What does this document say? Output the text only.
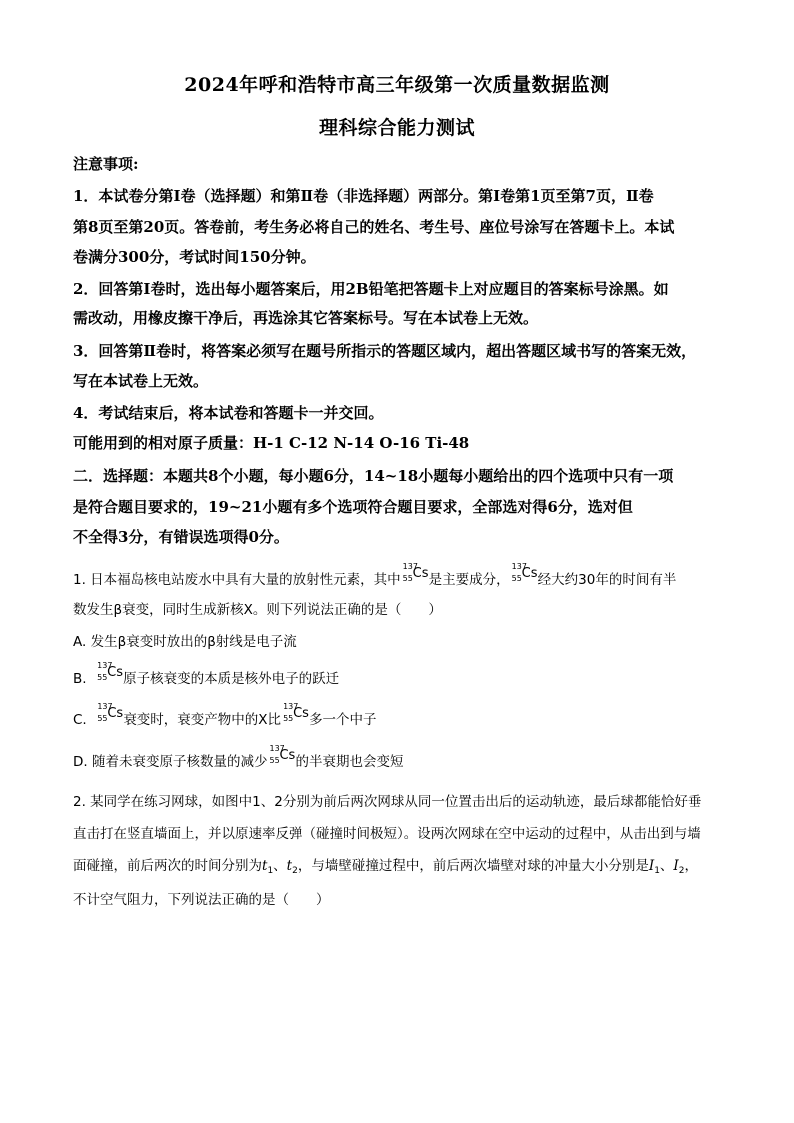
2024年呼和浩特市高三年级第一次质量数据监测
理科综合能力测试
注意事项:
1．本试卷分第Ⅰ卷（选择题）和第Ⅱ卷（非选择题）两部分。第Ⅰ卷第1页至第7页，Ⅱ卷
第8页至第20页。答卷前，考生务必将自己的姓名、考生号、座位号涂写在答题卡上。本试
卷满分300分，考试时间150分钟。
2．回答第Ⅰ卷时，选出每小题答案后，用2B铅笔把答题卡上对应题目的答案标号涂黑。如
需改动，用橡皮擦干净后，再选涂其它答案标号。写在本试卷上无效。
3．回答第Ⅱ卷时，将答案必须写在题号所指示的答题区域内，超出答题区域书写的答案无效，
写在本试卷上无效。
4．考试结束后，将本试卷和答题卡一并交回。
可能用到的相对原子质量：H-1 C-12 N-14 O-16 Ti-48
二．选择题：本题共8个小题，每小题6分，14~18小题每小题给出的四个选项中只有一项
是符合题目要求的，19~21小题有多个选项符合题目要求，全部选对得6分，选对但
不全得3分，有错误选项得0分。
1. 日本福岛核电站废水中具有大量的放射性元素，其中
137
55 Cs 是主要成分，
137
55 Cs 经大约30年的时间有半
数发生β衰变，同时生成新核X。则下列说法正确的是（　　）
A. 发生β衰变时放出的β射线是电子流
B.
137
55 Cs 原子核衰变的本质是核外电子的跃迁
C.
137
55 Cs 衰变时，衰变产物中的X比
137
55 Cs 多一个中子
D. 随着未衰变原子核数量的减少
137
55 Cs 的半衰期也会变短
2. 某同学在练习网球，如图中1、2分别为前后两次网球从同一位置击出后的运动轨迹，最后球都能恰好垂
直击打在竖直墙面上，并以原速率反弹（碰撞时间极短）。设两次网球在空中运动的过程中，从击出到与墙
面碰撞，前后两次的时间分别为$t_1$、$t_2$，与墙壁碰撞过程中，前后两次墙壁对球的冲量大小分别是$I_1$、$I_2$，
不计空气阻力，下列说法正确的是（　　）
